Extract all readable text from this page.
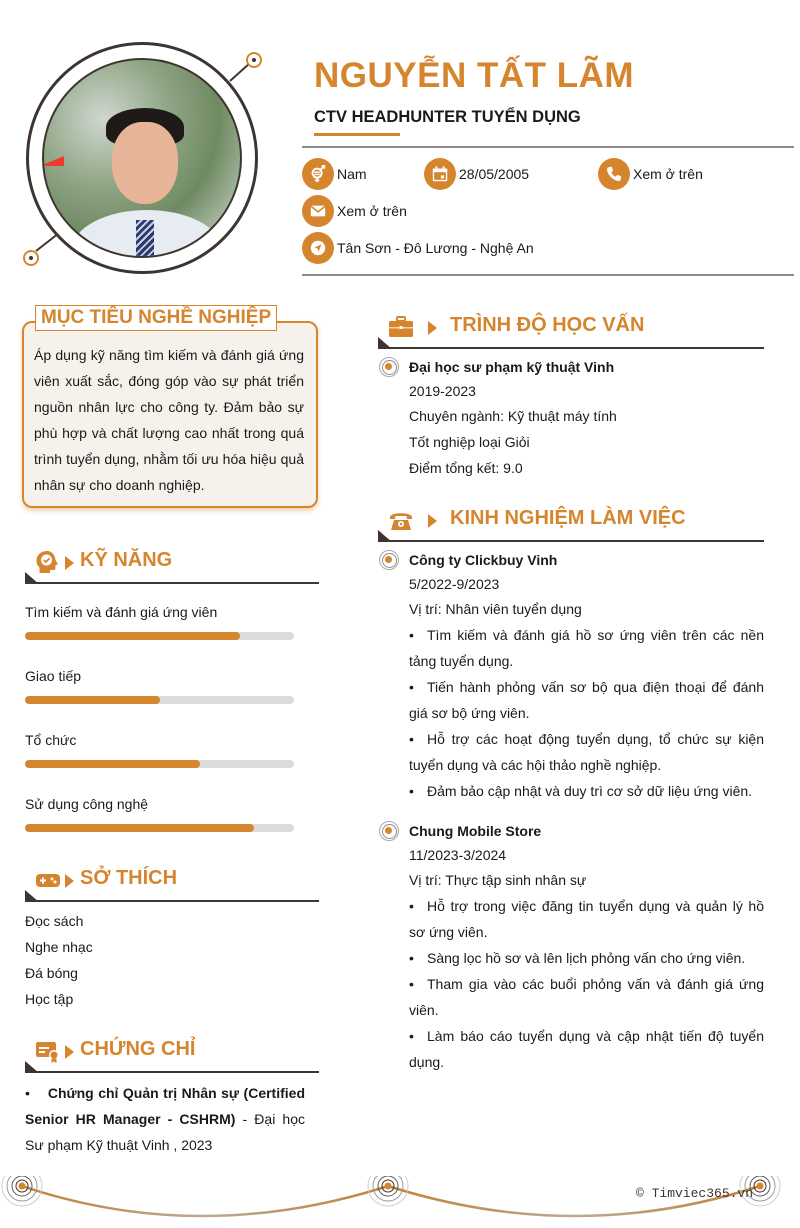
NGUYỄN TẤT LÃM
CTV HEADHUNTER TUYỂN DỤNG
Nam	28/05/2005	Xem ở trên
Xem ở trên
Tân Sơn - Đô Lương - Nghệ An
MỤC TIÊU NGHỀ NGHIỆP
Áp dụng kỹ năng tìm kiếm và đánh giá ứng viên xuất sắc, đóng góp vào sự phát triển nguồn nhân lực cho công ty. Đảm bảo sự phù hợp và chất lượng cao nhất trong quá trình tuyển dụng, nhằm tối ưu hóa hiệu quả nhân sự cho doanh nghiệp.
KỸ NĂNG
Tìm kiếm và đánh giá ứng viên
Giao tiếp
Tổ chức
Sử dụng công nghệ
SỞ THÍCH
Đọc sách
Nghe nhạc
Đá bóng
Học tập
CHỨNG CHỈ
• Chứng chỉ Quản trị Nhân sự (Certified Senior HR Manager - CSHRM) - Đại học Sư phạm Kỹ thuật Vinh , 2023
TRÌNH ĐỘ HỌC VẤN
Đại học sư phạm kỹ thuật Vinh
2019-2023
Chuyên ngành: Kỹ thuật máy tính
Tốt nghiệp loại Giỏi
Điểm tổng kết: 9.0
KINH NGHIỆM LÀM VIỆC
Công ty Clickbuy Vinh
5/2022-9/2023
Vị trí: Nhân viên tuyển dụng
• Tìm kiếm và đánh giá hồ sơ ứng viên trên các nền tảng tuyển dụng.
• Tiến hành phỏng vấn sơ bộ qua điện thoại để đánh giá sơ bộ ứng viên.
• Hỗ trợ các hoạt động tuyển dụng, tổ chức sự kiện tuyển dụng và các hội thảo nghề nghiệp.
• Đảm bảo cập nhật và duy trì cơ sở dữ liệu ứng viên.
Chung Mobile Store
11/2023-3/2024
Vị trí: Thực tập sinh nhân sự
• Hỗ trợ trong việc đăng tin tuyển dụng và quản lý hồ sơ ứng viên.
• Sàng lọc hồ sơ và lên lịch phỏng vấn cho ứng viên.
• Tham gia vào các buổi phỏng vấn và đánh giá ứng viên.
• Làm báo cáo tuyển dụng và cập nhật tiến độ tuyển dụng.
© Timviec365.vn
